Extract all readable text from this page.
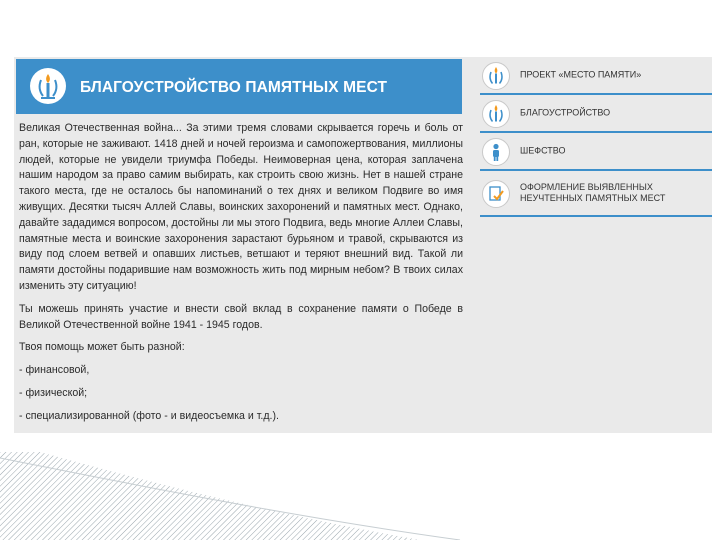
БЛАГОУСТРОЙСТВО ПАМЯТНЫХ МЕСТ

Великая Отечественная война... За этими тремя словами скрывается горечь и боль от ран, которые не заживают. 1418 дней и ночей героизма и самопожертвования, миллионы людей, которые не увидели триумфа Победы. Неимоверная цена, которая заплачена нашим народом за право самим выбирать, как строить свою жизнь. Нет в нашей стране такого места, где не осталось бы напоминаний о тех днях и великом Подвиге во имя живущих. Десятки тысяч Аллей Славы, воинских захоронений и памятных мест. Однако, давайте зададимся вопросом, достойны ли мы этого Подвига, ведь многие Аллеи Славы, памятные места и воинские захоронения зарастают бурьяном и травой, скрываются из виду под слоем ветвей и опавших листьев, ветшают и теряют внешний вид. Такой ли памяти достойны подарившие нам возможность жить под мирным небом? В твоих силах изменить эту ситуацию!

Ты можешь принять участие и внести свой вклад в сохранение памяти о Победе в Великой Отечественной войне 1941 - 1945 годов.

Твоя помощь может быть разной:

- финансовой,
- физической;
- специализированной (фото - и видеосъемка и т.д.).
ПРОЕКТ «МЕСТО ПАМЯТИ»
БЛАГОУСТРОЙСТВО
ШЕФСТВО
ОФОРМЛЕНИЕ ВЫЯВЛЕННЫХ НЕУЧТЕННЫХ ПАМЯТНЫХ МЕСТ
